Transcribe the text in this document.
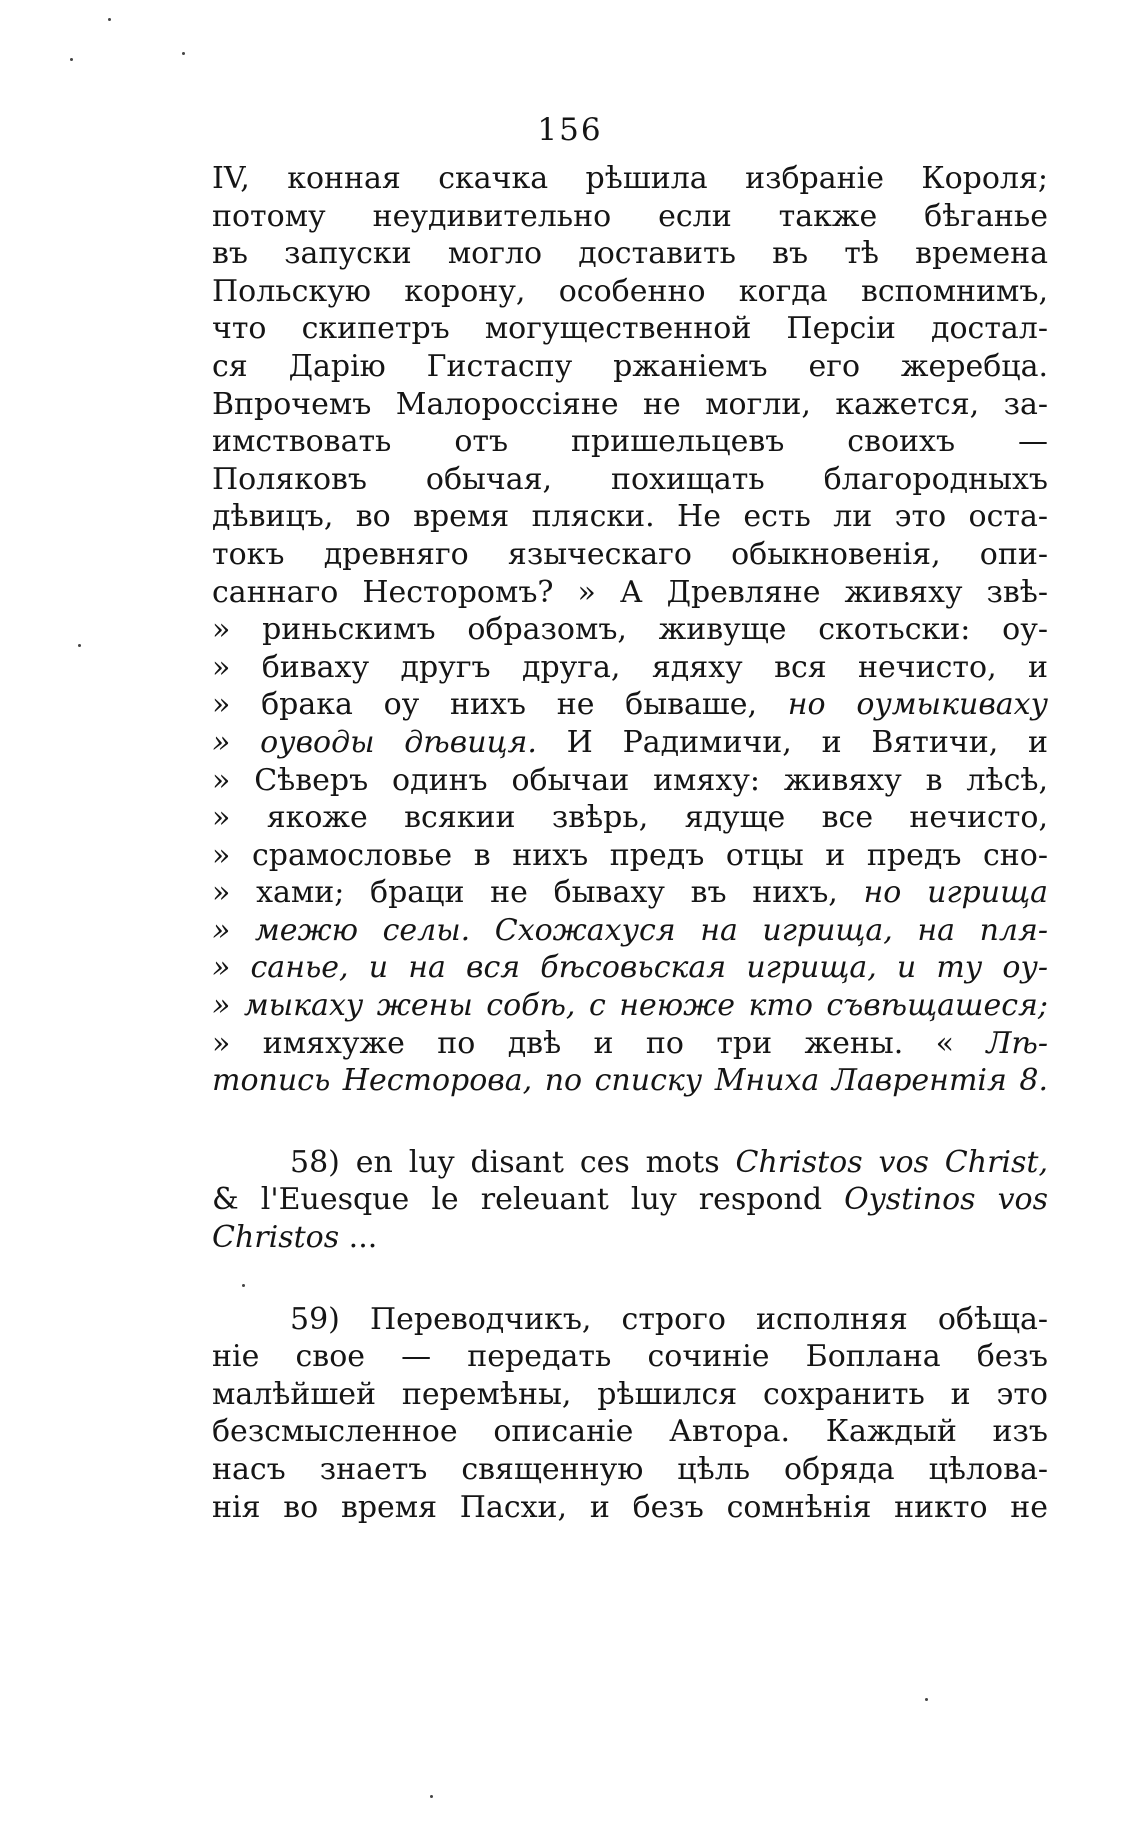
156
IV, конная скачка рѣшила избраніе Короля;
потому неудивительно если также бѣганье
въ запуски могло доставить въ тѣ времена
Польскую корону, особенно когда вспомнимъ,
что скипетръ могущественной Персіи достал-
ся Дарію Гистаспу ржаніемъ его жеребца.
Впрочемъ Малороссіяне не могли, кажется, за-
имствовать отъ пришельцевъ своихъ —
Поляковъ обычая, похищать благородныхъ
дѣвицъ, во время пляски. Не есть ли это оста-
токъ древняго языческаго обыкновенія, опи-
саннаго Несторомъ? » А Древляне живяху звѣ-
» риньскимъ образомъ, живуще скотьски: оу-
» биваху другъ друга, ядяху вся нечисто, и
» брака оу нихъ не бываше, но оумыкиваху
» оуводы дѣвиця. И Радимичи, и Вятичи, и
» Сѣверъ одинъ обычаи имяху: живяху в лѣсѣ,
» якоже всякии звѣрь, ядуще все нечисто,
» срамословье в нихъ предъ отцы и предъ сно-
» хами; браци не бываху въ нихъ, но игрища
» межю селы. Схожахуся на игрища, на пля-
» санье, и на вся бѣсовьская игрища, и ту оу-
» мыкаху жены собѣ, с неюже кто съвѣщашеся;
» имяхуже по двѣ и по три жены. « Лѣ-
топись Несторова, по списку Мниха Лаврентія 8.
58) en luy disant ces mots Christos vos Christ,
& l'Euesque le releuant luy respond Oystinos vos
Christos ...
59) Переводчикъ, строго исполняя обѣща-
ніе свое — передать сочиніе Боплана безъ
малѣйшей перемѣны, рѣшился сохранить и это
безсмысленное описаніе Автора. Каждый изъ
насъ знаетъ священную цѣль обряда цѣлова-
нія во время Пасхи, и безъ сомнѣнія никто не
